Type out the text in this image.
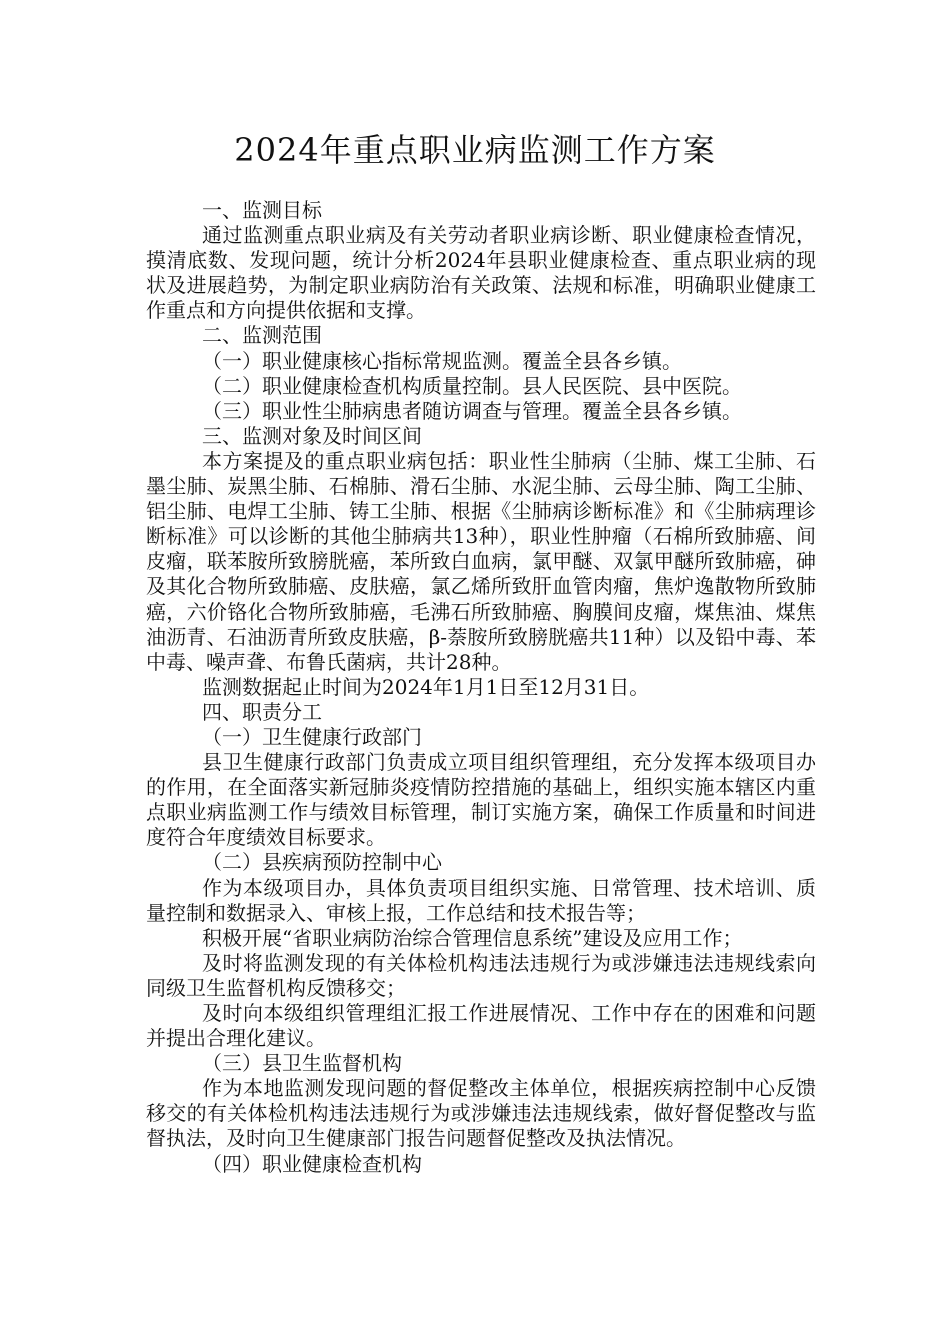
2024年重点职业病监测工作方案

一、监测目标

通过监测重点职业病及有关劳动者职业病诊断、职业健康检查情况，摸清底数、发现问题，统计分析2024年县职业健康检查、重点职业病的现状及进展趋势，为制定职业病防治有关政策、法规和标准，明确职业健康工作重点和方向提供依据和支撑。

二、监测范围

（一）职业健康核心指标常规监测。覆盖全县各乡镇。

（二）职业健康检查机构质量控制。县人民医院、县中医院。

（三）职业性尘肺病患者随访调查与管理。覆盖全县各乡镇。

三、监测对象及时间区间

本方案提及的重点职业病包括：职业性尘肺病（尘肺、煤工尘肺、石墨尘肺、炭黑尘肺、石棉肺、滑石尘肺、水泥尘肺、云母尘肺、陶工尘肺、铝尘肺、电焊工尘肺、铸工尘肺、根据《尘肺病诊断标准》和《尘肺病理诊断标准》可以诊断的其他尘肺病共13种），职业性肿瘤（石棉所致肺癌、间皮瘤，联苯胺所致膀胱癌，苯所致白血病，氯甲醚、双氯甲醚所致肺癌，砷及其化合物所致肺癌、皮肤癌，氯乙烯所致肝血管肉瘤，焦炉逸散物所致肺癌，六价铬化合物所致肺癌，毛沸石所致肺癌、胸膜间皮瘤，煤焦油、煤焦油沥青、石油沥青所致皮肤癌，β-萘胺所致膀胱癌共11种）以及铅中毒、苯中毒、噪声聋、布鲁氏菌病，共计28种。

监测数据起止时间为2024年1月1日至12月31日。

四、职责分工

（一）卫生健康行政部门

县卫生健康行政部门负责成立项目组织管理组，充分发挥本级项目办的作用，在全面落实新冠肺炎疫情防控措施的基础上，组织实施本辖区内重点职业病监测工作与绩效目标管理，制订实施方案，确保工作质量和时间进度符合年度绩效目标要求。

（二）县疾病预防控制中心

作为本级项目办，具体负责项目组织实施、日常管理、技术培训、质量控制和数据录入、审核上报，工作总结和技术报告等；

积极开展“省职业病防治综合管理信息系统”建设及应用工作；

及时将监测发现的有关体检机构违法违规行为或涉嫌违法违规线索向同级卫生监督机构反馈移交；

及时向本级组织管理组汇报工作进展情况、工作中存在的困难和问题并提出合理化建议。

（三）县卫生监督机构

作为本地监测发现问题的督促整改主体单位，根据疾病控制中心反馈移交的有关体检机构违法违规行为或涉嫌违法违规线索，做好督促整改与监督执法，及时向卫生健康部门报告问题督促整改及执法情况。

（四）职业健康检查机构
